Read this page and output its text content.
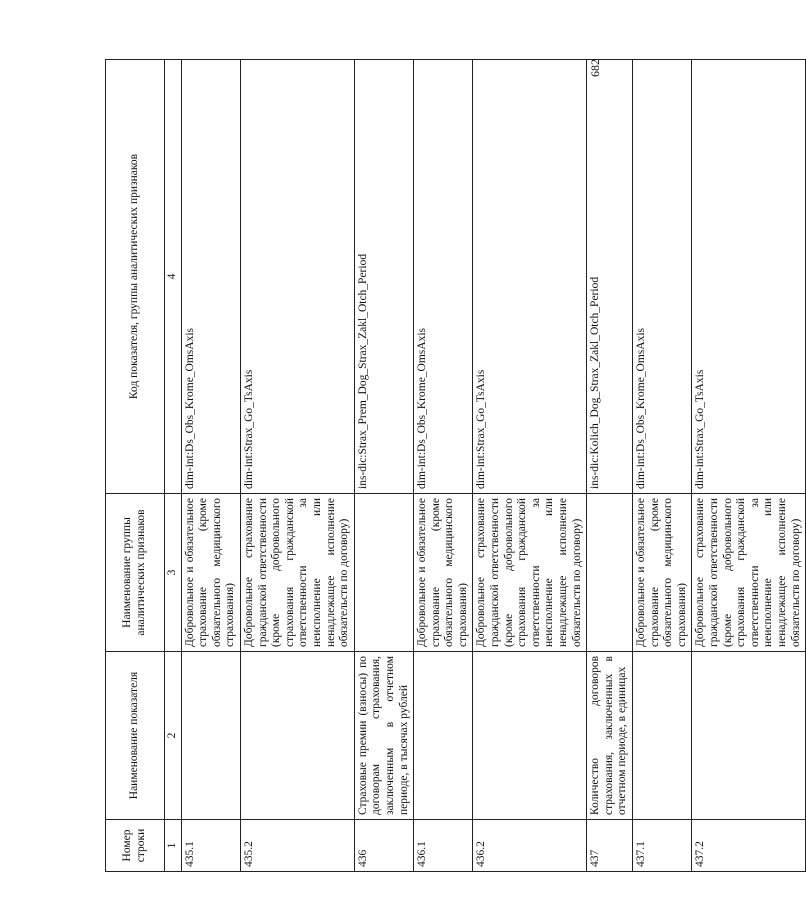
682
Номер строки	Наименование показателя	Наименование группы аналитических признаков	Код показателя, группы аналитических признаков
1	2	3	4
435.1		Добровольное и обязательное страхование (кроме обязательного медицинского страхования)	dim-int:Ds_Obs_Krome_OmsAxis
435.2		Добровольное страхование гражданской ответственности (кроме добровольного страхования гражданской ответственности за неисполнение или ненадлежащее исполнение обязательств по договору)	dim-int:Strax_Go_TsAxis
436	Страховые премии (взносы) по договорам страхования, заключенным в отчетном периоде, в тысячах рублей		ins-dic:Strax_Prem_Dog_Strax_Zakl_Otch_Period
436.1		Добровольное и обязательное страхование (кроме обязательного медицинского страхования)	dim-int:Ds_Obs_Krome_OmsAxis
436.2		Добровольное страхование гражданской ответственности (кроме добровольного страхования гражданской ответственности за неисполнение или ненадлежащее исполнение обязательств по договору)	dim-int:Strax_Go_TsAxis
437	Количество договоров страхования, заключенных в отчетном периоде, в единицах		ins-dic:Kolich_Dog_Strax_Zakl_Otch_Period
437.1		Добровольное и обязательное страхование (кроме обязательного медицинского страхования)	dim-int:Ds_Obs_Krome_OmsAxis
437.2		Добровольное страхование гражданской ответственности (кроме добровольного страхования гражданской ответственности за неисполнение или ненадлежащее исполнение обязательств по договору)	dim-int:Strax_Go_TsAxis
